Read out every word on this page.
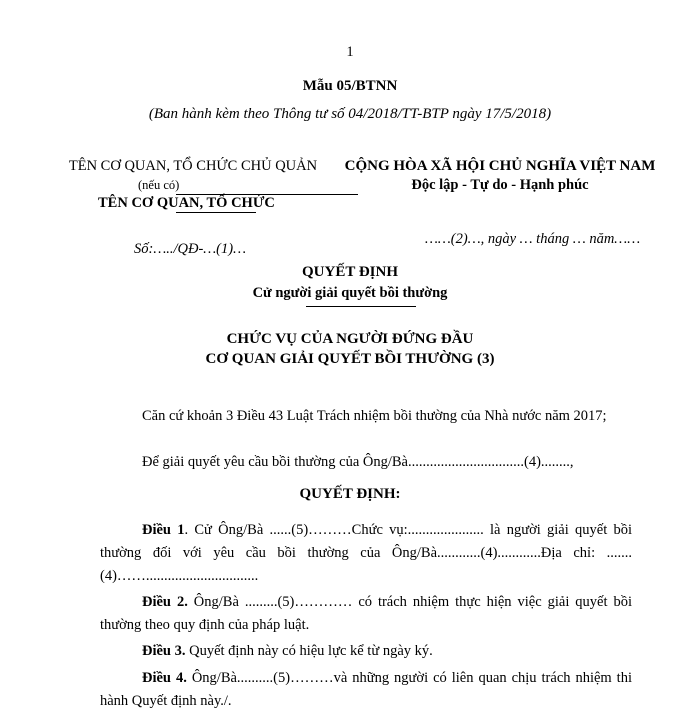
1
Mẫu 05/BTNN
(Ban hành kèm theo Thông tư số 04/2018/TT-BTP ngày 17/5/2018)
TÊN CƠ QUAN, TỔ CHỨC CHỦ QUẢN
(nếu có)
TÊN CƠ QUAN, TỔ CHỨC
CỘNG HÒA XÃ HỘI CHỦ NGHĨA VIỆT NAM
Độc lập - Tự do - Hạnh phúc
Số:…../QĐ-…(1)…
……(2)…, ngày … tháng … năm……
QUYẾT ĐỊNH
Cử người giải quyết bồi thường
CHỨC VỤ CỦA NGƯỜI ĐỨNG ĐẦU
CƠ QUAN GIẢI QUYẾT BỒI THƯỜNG (3)
Căn cứ khoản 3 Điều 43 Luật Trách nhiệm bồi thường của Nhà nước năm 2017;
Để giải quyết yêu cầu bồi thường của Ông/Bà................................(4)........,
QUYẾT ĐỊNH:
Điều 1. Cử Ông/Bà ......(5)………Chức vụ:..................... là người giải quyết bồi thường đối với yêu cầu bồi thường của Ông/Bà............(4)............Địa chỉ: .......(4)……...............................
Điều 2. Ông/Bà .........(5)………… có trách nhiệm thực hiện việc giải quyết bồi thường theo quy định của pháp luật.
Điều 3. Quyết định này có hiệu lực kể từ ngày ký.
Điều 4. Ông/Bà..........(5)………và những người có liên quan chịu trách nhiệm thi hành Quyết định này./.
